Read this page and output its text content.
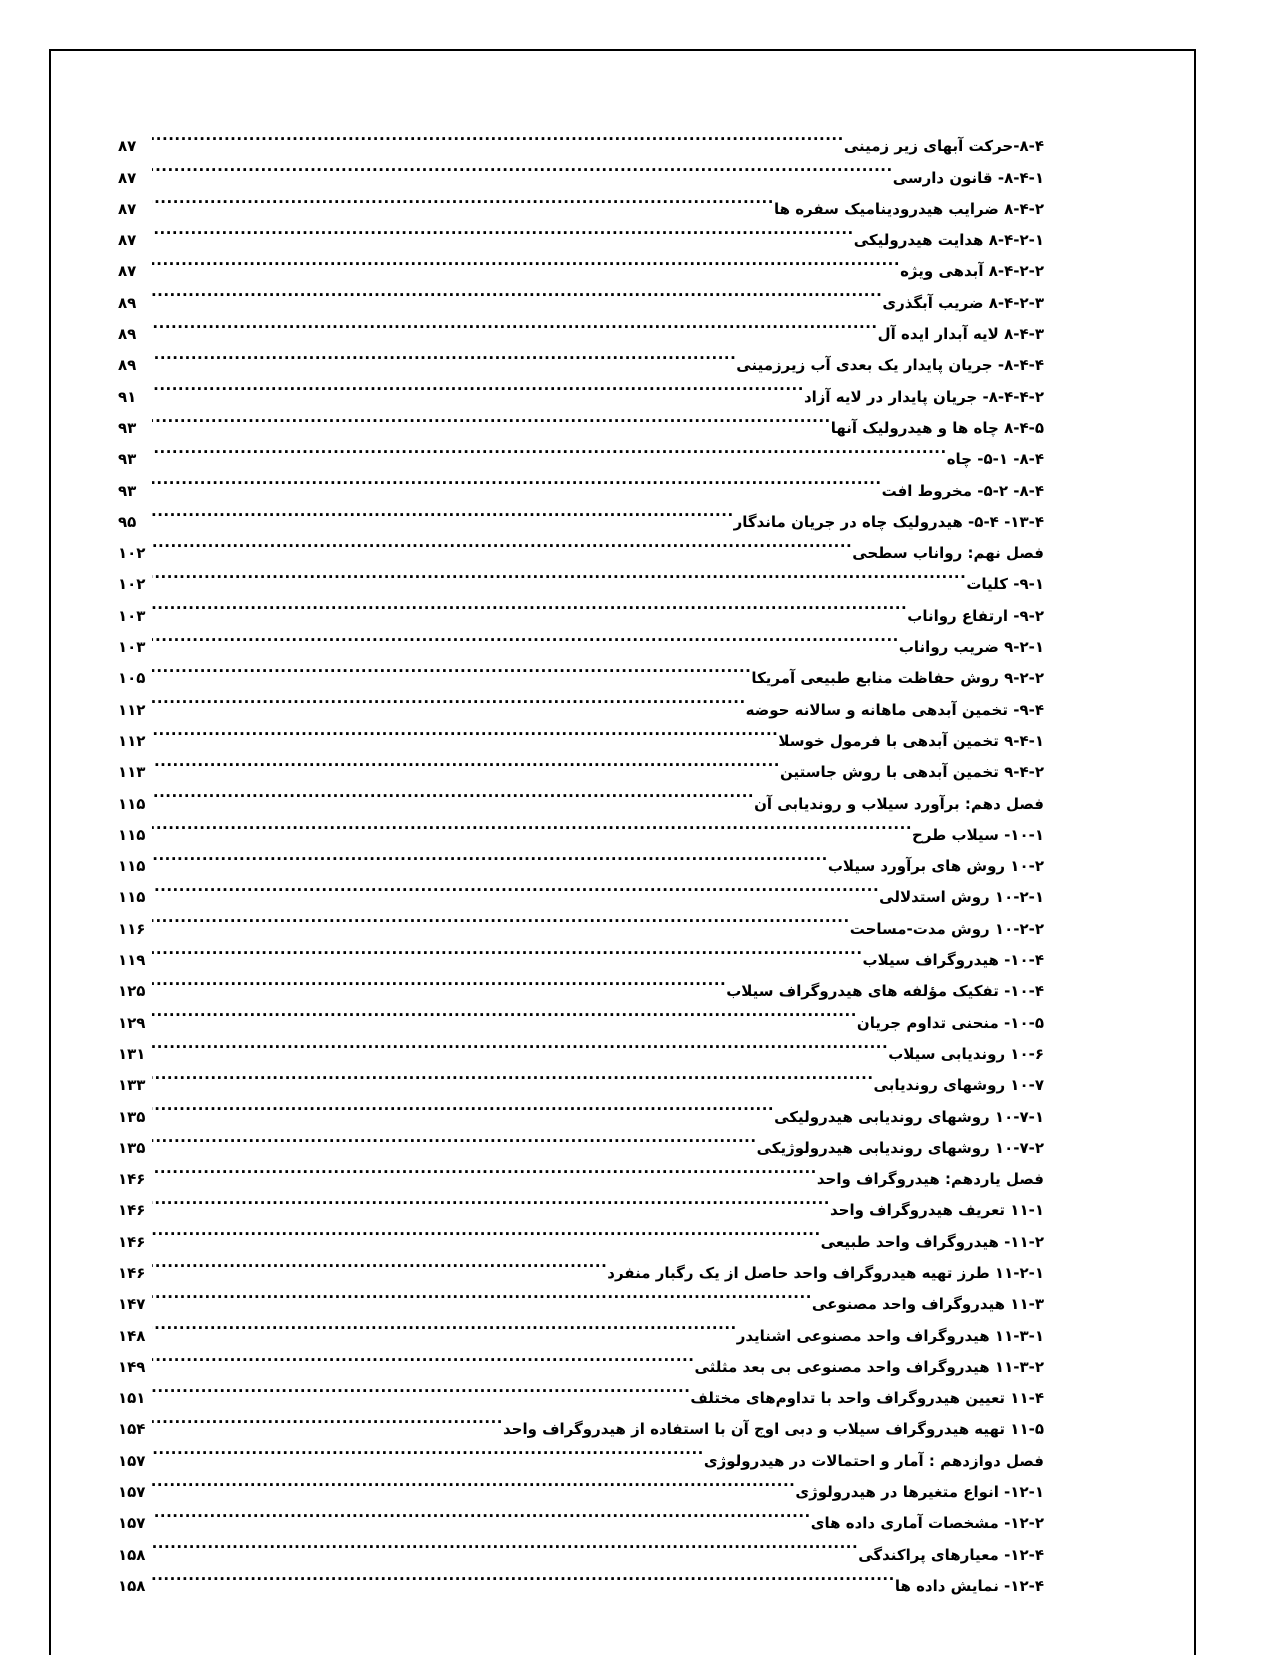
۸-۴-حرکت آبهای زیر زمینی
.....
۸۷
۸-۴-۱- قانون دارسی
.....
۸۷
۸-۴-۲ ضرایب هیدرودینامیک سفره ها
.....
۸۷
۸-۴-۲-۱ هدایت هیدرولیکی
.....
۸۷
۸-۴-۲-۲ آبدهی ویژه
.....
۸۷
۸-۴-۲-۳ ضریب آبگذری
.....
۸۹
۸-۴-۳ لایه آبدار ایده آل
.....
۸۹
۸-۴-۴- جریان پایدار یک بعدی آب زیرزمینی
.....
۸۹
۸-۴-۴-۲- جریان پایدار در لایه آزاد
.....
۹۱
۸-۴-۵ چاه ها و هیدرولیک آنها
.....
۹۳
۸-۴- ۵-۱- چاه
.....
۹۳
۸-۴- ۵-۲- مخروط افت
.....
۹۳
۱۳-۴- ۵-۴- هیدرولیک چاه در جریان ماندگار
.....
۹۵
فصل نهم: رواناب سطحی
.....
۱۰۲
۹-۱- کلیات
.....
۱۰۲
۹-۲- ارتفاع رواناب
.....
۱۰۳
۹-۲-۱ ضریب رواناب
.....
۱۰۳
۹-۲-۲ روش حفاظت منابع طبیعی آمریکا
.....
۱۰۵
۹-۴- تخمین آبدهی ماهانه و سالانه حوضه
.....
۱۱۲
۹-۴-۱ تخمین آبدهی با فرمول خوسلا
.....
۱۱۲
۹-۴-۲ تخمین آبدهی با روش جاستین
.....
۱۱۳
فصل دهم: برآورد سیلاب و روندیابی آن
.....
۱۱۵
۱۰-۱- سیلاب طرح
.....
۱۱۵
۱۰-۲ روش های برآورد سیلاب
.....
۱۱۵
۱۰-۲-۱ روش استدلالی
.....
۱۱۵
۱۰-۲-۲ روش مدت-مساحت
.....
۱۱۶
۱۰-۴- هیدروگراف سیلاب
.....
۱۱۹
۱۰-۴- تفکیک مؤلفه های هیدروگراف سیلاب
.....
۱۲۵
۱۰-۵- منحنی تداوم جریان
.....
۱۲۹
۱۰-۶ روندیابی سیلاب
.....
۱۳۱
۱۰-۷ روشهای روندیابی
.....
۱۳۳
۱۰-۷-۱ روشهای روندیابی هیدرولیکی
.....
۱۳۵
۱۰-۷-۲ روشهای روندیابی هیدرولوژیکی
.....
۱۳۵
فصل یاردهم: هیدروگراف واحد
.....
۱۴۶
۱۱-۱ تعریف هیدروگراف واحد
.....
۱۴۶
۱۱-۲- هیدروگراف واحد طبیعی
.....
۱۴۶
۱۱-۲-۱ طرز تهیه هیدروگراف واحد حاصل از یک رگبار منفرد
.....
۱۴۶
۱۱-۳ هیدروگراف واحد مصنوعی
.....
۱۴۷
۱۱-۳-۱ هیدروگراف واحد مصنوعی اشنایدر
.....
۱۴۸
۱۱-۳-۲ هیدروگراف واحد مصنوعی بی بعد مثلثی
.....
۱۴۹
۱۱-۴ تعیین هیدروگراف واحد با تداوم‌های مختلف
.....
۱۵۱
۱۱-۵ تهیه هیدروگراف سیلاب و دبی اوج آن با استفاده از هیدروگراف واحد
.....
۱۵۴
فصل دوازدهم : آمار و احتمالات در هیدرولوژی
.....
۱۵۷
۱۲-۱- انواع متغیرها در هیدرولوژی
.....
۱۵۷
۱۲-۲- مشخصات آماری داده های
.....
۱۵۷
۱۲-۴- معیارهای پراکندگی
.....
۱۵۸
۱۲-۴- نمایش داده ها
.....
۱۵۸
